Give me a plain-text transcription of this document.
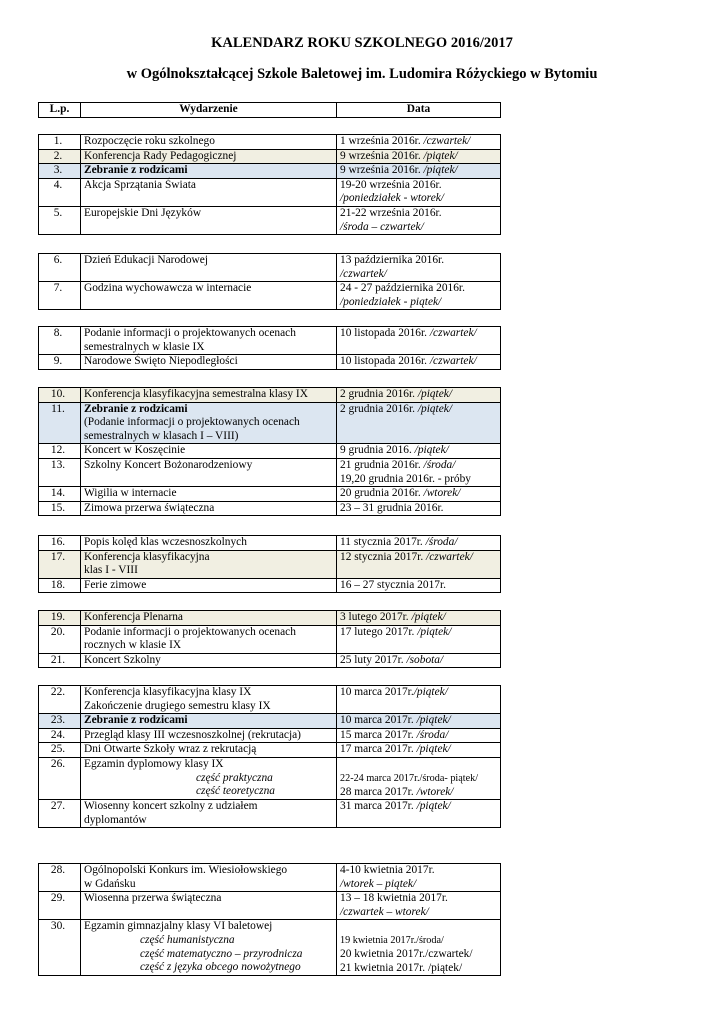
KALENDARZ ROKU SZKOLNEGO 2016/2017
w Ogólnokształcącej Szkole Baletowej im. Ludomira Różyckiego w Bytomiu
L.p.	Wydarzenie	Data
1.	Rozpoczęcie roku szkolnego	1 września 2016r. /czwartek/
2.	Konferencja Rady Pedagogicznej	9 września 2016r. /piątek/
3.	Zebranie z rodzicami	9 września 2016r. /piątek/
4.	Akcja Sprzątania Świata	19-20 września 2016r.
/poniedziałek - wtorek/
5.	Europejskie Dni Języków	21-22 września 2016r.
/środa – czwartek/
6.	Dzień Edukacji Narodowej	13 października 2016r.
/czwartek/
7.	Godzina wychowawcza w internacie	24 - 27 października 2016r.
/poniedziałek - piątek/
8.	Podanie informacji o projektowanych ocenach
semestralnych w klasie IX	10 listopada 2016r. /czwartek/
9.	Narodowe Święto Niepodległości	10 listopada 2016r. /czwartek/
10.	Konferencja klasyfikacyjna semestralna klasy IX	2 grudnia 2016r. /piątek/
11.	Zebranie z rodzicami
(Podanie informacji o projektowanych ocenach
semestralnych w klasach I – VIII)	2 grudnia 2016r. /piątek/
12.	Koncert w Koszęcinie	9 grudnia 2016. /piątek/
13.	Szkolny Koncert Bożonarodzeniowy	21 grudnia 2016r. /środa/
19,20 grudnia 2016r. - próby
14.	Wigilia w internacie	20 grudnia 2016r. /wtorek/
15.	Zimowa przerwa świąteczna	23 – 31 grudnia 2016r.
16.	Popis kolęd klas wczesnoszkolnych	11 stycznia 2017r. /środa/
17.	Konferencja klasyfikacyjna
klas I - VIII	12 stycznia 2017r. /czwartek/
18.	Ferie zimowe	16 – 27 stycznia 2017r.
19.	Konferencja Plenarna	3 lutego 2017r. /piątek/
20.	Podanie informacji o projektowanych ocenach
rocznych w klasie IX	17 lutego 2017r. /piątek/
21.	Koncert Szkolny	25 luty 2017r. /sobota/
22.	Konferencja klasyfikacyjna klasy IX
Zakończenie drugiego semestru klasy IX	10 marca 2017r./piątek/
23.	Zebranie z rodzicami	10 marca 2017r. /piątek/
24.	Przegląd klasy III wczesnoszkolnej (rekrutacja)	15 marca 2017r. /środa/
25.	Dni Otwarte Szkoły wraz z rekrutacją	17 marca 2017r. /piątek/
26.	Egzamin dyplomowy klasy IX

część praktyczna
część teoretyczna	22-24 marca 2017r./środa- piątek/
28 marca 2017r. /wtorek/
27.	Wiosenny koncert szkolny z udziałem
dyplomantów	31 marca 2017r. /piątek/
28.	Ogólnopolski Konkurs im. Wiesiołowskiego
w Gdańsku	4-10 kwietnia 2017r.
/wtorek – piątek/
29.	Wiosenna przerwa świąteczna	13 – 18 kwietnia 2017r.
/czwartek – wtorek/
30.	Egzamin gimnazjalny klasy VI baletowej

część humanistyczna
część matematyczno – przyrodnicza
część z języka obcego nowożytnego	19 kwietnia 2017r./środa/
20 kwietnia 2017r./czwartek/
21 kwietnia 2017r. /piątek/
